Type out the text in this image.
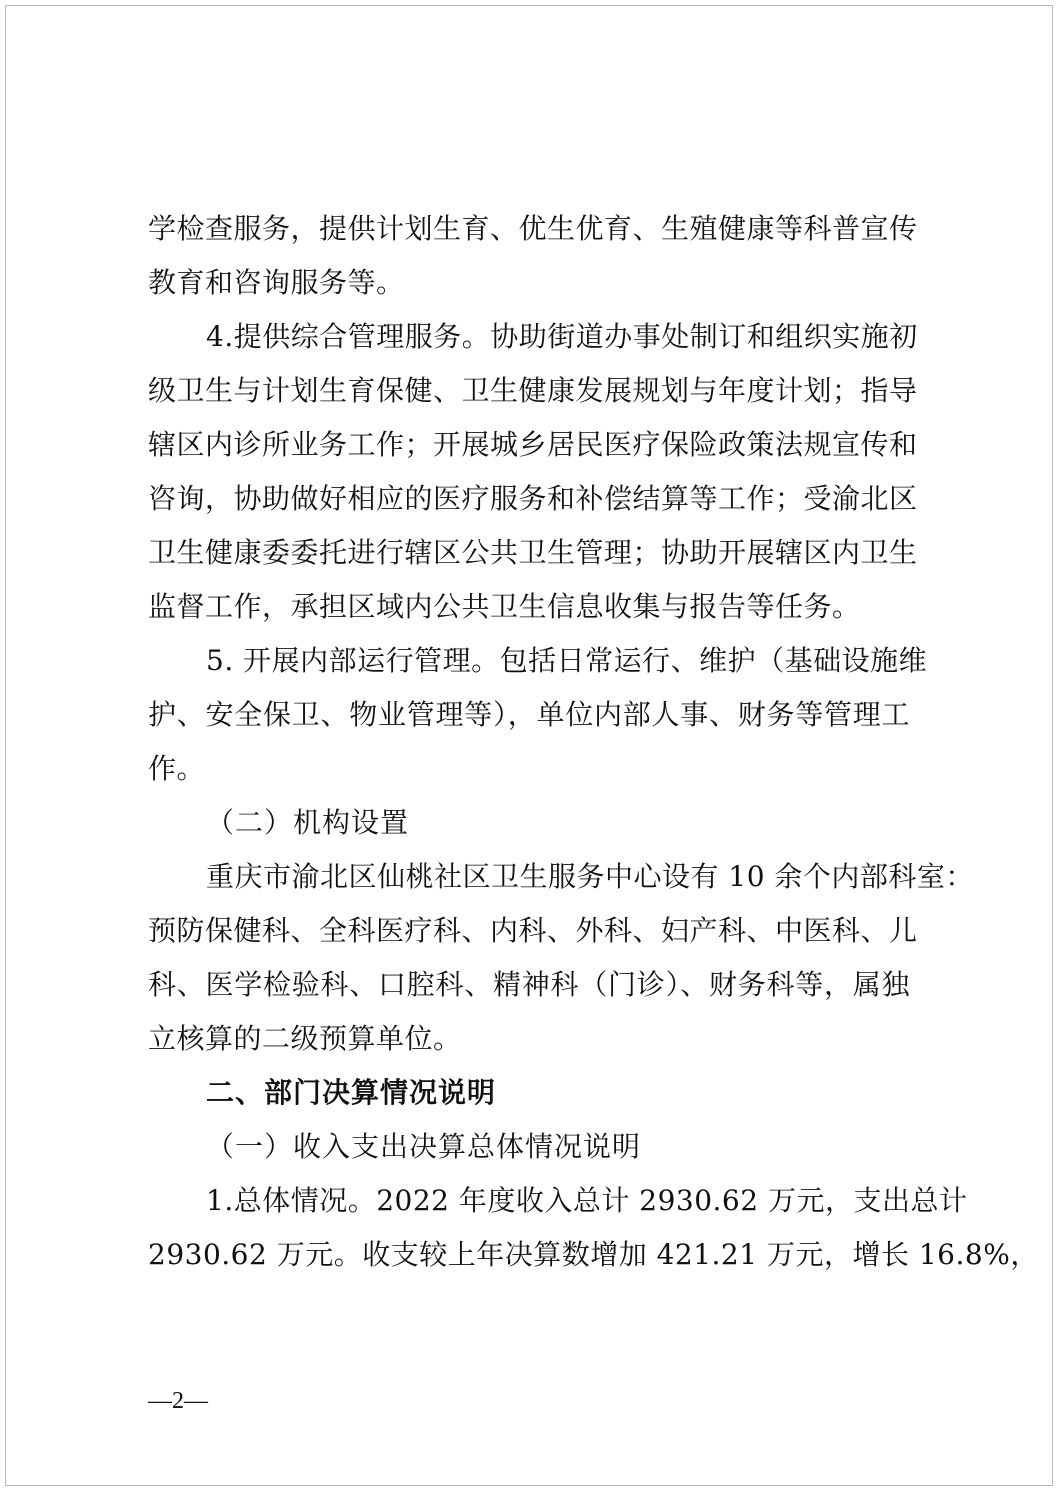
学检查服务，提供计划生育、优生优育、生殖健康等科普宣传
教育和咨询服务等。
4.提供综合管理服务。协助街道办事处制订和组织实施初
级卫生与计划生育保健、卫生健康发展规划与年度计划；指导
辖区内诊所业务工作；开展城乡居民医疗保险政策法规宣传和
咨询，协助做好相应的医疗服务和补偿结算等工作；受渝北区
卫生健康委委托进行辖区公共卫生管理；协助开展辖区内卫生
监督工作，承担区域内公共卫生信息收集与报告等任务。
5. 开展内部运行管理。包括日常运行、维护（基础设施维
护、安全保卫、物业管理等），单位内部人事、财务等管理工
作。
（二）机构设置
重庆市渝北区仙桃社区卫生服务中心设有 10 余个内部科室：
预防保健科、全科医疗科、内科、外科、妇产科、中医科、儿
科、医学检验科、口腔科、精神科（门诊）、财务科等，属独
立核算的二级预算单位。
二、部门决算情况说明
（一）收入支出决算总体情况说明
1.总体情况。2022 年度收入总计 2930.62 万元，支出总计
2930.62 万元。收支较上年决算数增加 421.21 万元，增长 16.8%，
—2—
